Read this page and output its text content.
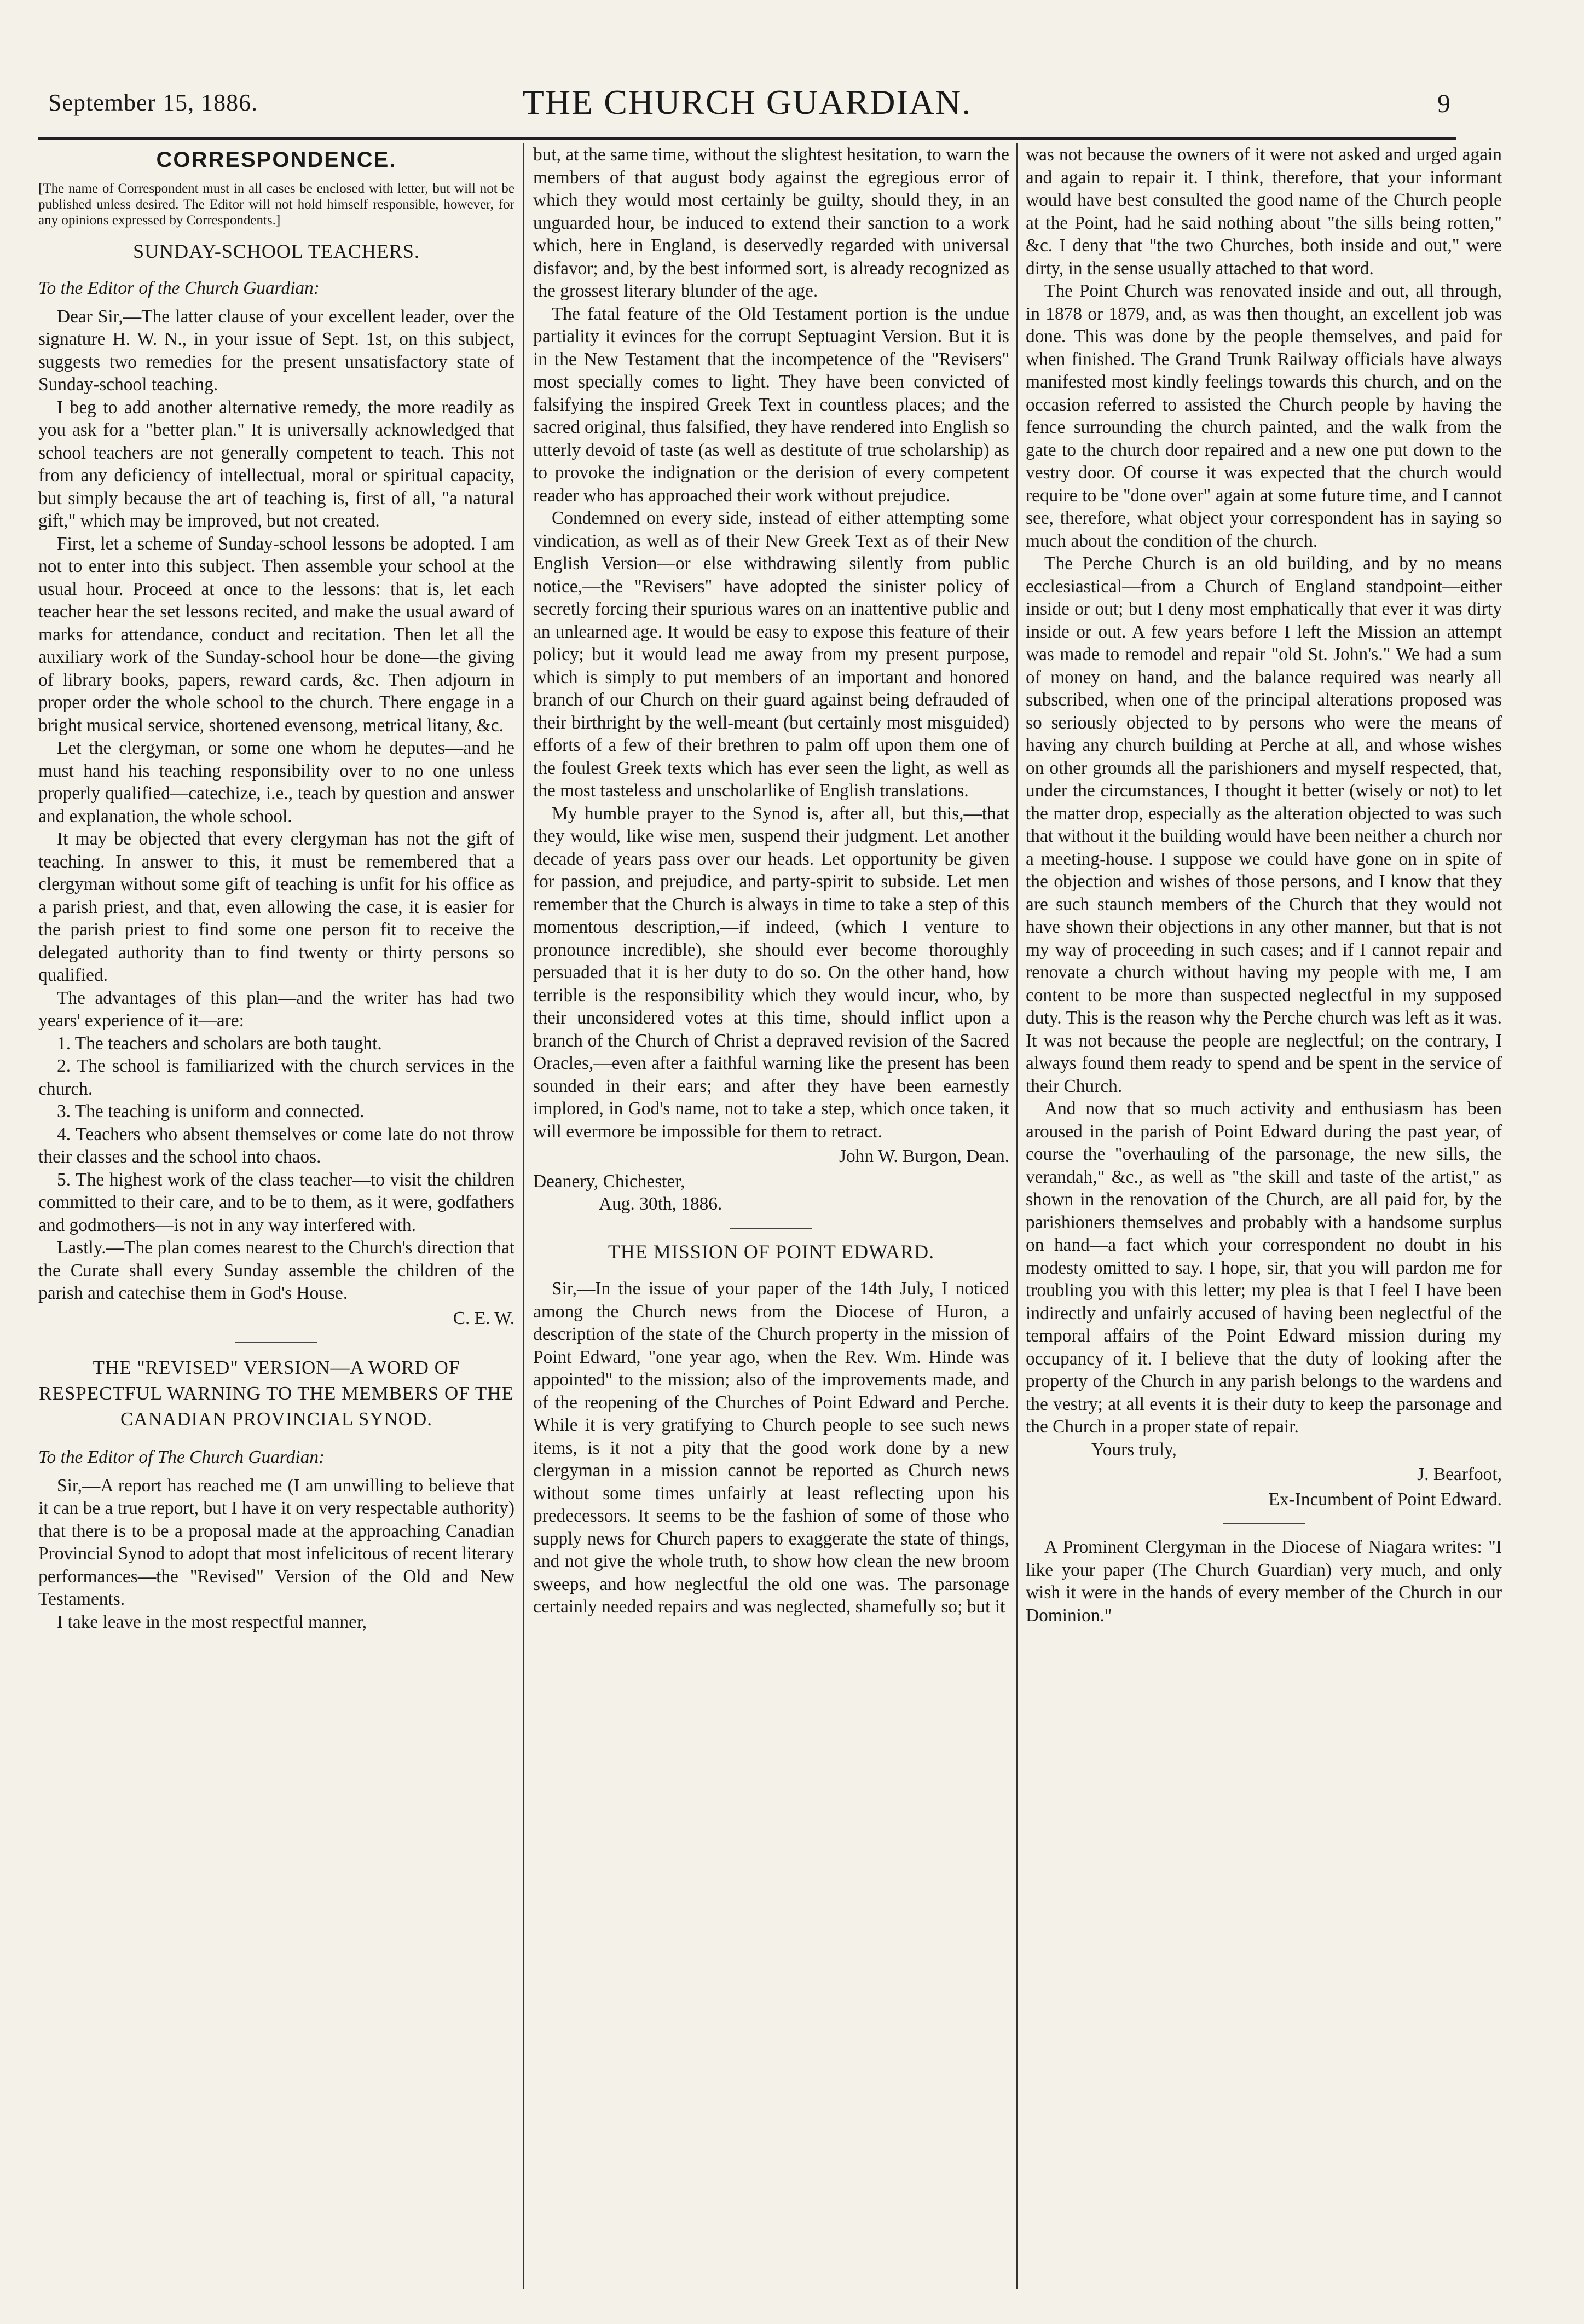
September 15, 1886.	THE CHURCH GUARDIAN.	9
CORRESPONDENCE.

[The name of Correspondent must in all cases be enclosed with letter, but will not be published unless desired. The Editor will not hold himself responsible, however, for any opinions expressed by Correspondents.]

SUNDAY-SCHOOL TEACHERS.

To the Editor of the Church Guardian:

Dear Sir,—The latter clause of your excellent leader, over the signature H. W. N., in your issue of Sept. 1st, on this subject, suggests two remedies for the present unsatisfactory state of Sunday-school teaching.

I beg to add another alternative remedy, the more readily as you ask for a "better plan." It is universally acknowledged that school teachers are not generally competent to teach. This not from any deficiency of intellectual, moral or spiritual capacity, but simply because the art of teaching is, first of all, "a natural gift," which may be improved, but not created.

First, let a scheme of Sunday-school lessons be adopted. I am not to enter into this subject. Then assemble your school at the usual hour. Proceed at once to the lessons: that is, let each teacher hear the set lessons recited, and make the usual award of marks for attendance, conduct and recitation. Then let all the auxiliary work of the Sunday-school hour be done—the giving of library books, papers, reward cards, &c. Then adjourn in proper order the whole school to the church. There engage in a bright musical service, shortened evensong, metrical litany, &c.

Let the clergyman, or some one whom he deputes—and he must hand his teaching responsibility over to no one unless properly qualified—catechize, i.e., teach by question and answer and explanation, the whole school.

It may be objected that every clergyman has not the gift of teaching. In answer to this, it must be remembered that a clergyman without some gift of teaching is unfit for his office as a parish priest, and that, even allowing the case, it is easier for the parish priest to find some one person fit to receive the delegated authority than to find twenty or thirty persons so qualified.

The advantages of this plan—and the writer has had two years' experience of it—are:

1. The teachers and scholars are both taught.

2. The school is familiarized with the church services in the church.

3. The teaching is uniform and connected.

4. Teachers who absent themselves or come late do not throw their classes and the school into chaos.

5. The highest work of the class teacher—to visit the children committed to their care, and to be to them, as it were, godfathers and godmothers—is not in any way interfered with.

Lastly.—The plan comes nearest to the Church's direction that the Curate shall every Sunday assemble the children of the parish and catechise them in God's House.

C. E. W.

THE "REVISED" VERSION—A WORD OF RESPECTFUL WARNING TO THE MEMBERS OF THE CANADIAN PROVINCIAL SYNOD.

To the Editor of The Church Guardian:

Sir,—A report has reached me (I am unwilling to believe that it can be a true report, but I have it on very respectable authority) that there is to be a proposal made at the approaching Canadian Provincial Synod to adopt that most infelicitous of recent literary performances—the "Revised" Version of the Old and New Testaments.

I take leave in the most respectful manner,

but, at the same time, without the slightest hesitation, to warn the members of that august body against the egregious error of which they would most certainly be guilty, should they, in an unguarded hour, be induced to extend their sanction to a work which, here in England, is deservedly regarded with universal disfavor; and, by the best informed sort, is already recognized as the grossest literary blunder of the age.

The fatal feature of the Old Testament portion is the undue partiality it evinces for the corrupt Septuagint Version. But it is in the New Testament that the incompetence of the "Revisers" most specially comes to light. They have been convicted of falsifying the inspired Greek Text in countless places; and the sacred original, thus falsified, they have rendered into English so utterly devoid of taste (as well as destitute of true scholarship) as to provoke the indignation or the derision of every competent reader who has approached their work without prejudice.

Condemned on every side, instead of either attempting some vindication, as well as of their New Greek Text as of their New English Version—or else withdrawing silently from public notice,—the "Revisers" have adopted the sinister policy of secretly forcing their spurious wares on an inattentive public and an unlearned age. It would be easy to expose this feature of their policy; but it would lead me away from my present purpose, which is simply to put members of an important and honored branch of our Church on their guard against being defrauded of their birthright by the well-meant (but certainly most misguided) efforts of a few of their brethren to palm off upon them one of the foulest Greek texts which has ever seen the light, as well as the most tasteless and unscholarlike of English translations.

My humble prayer to the Synod is, after all, but this,—that they would, like wise men, suspend their judgment. Let another decade of years pass over our heads. Let opportunity be given for passion, and prejudice, and party-spirit to subside. Let men remember that the Church is always in time to take a step of this momentous description,—if indeed, (which I venture to pronounce incredible), she should ever become thoroughly persuaded that it is her duty to do so. On the other hand, how terrible is the responsibility which they would incur, who, by their unconsidered votes at this time, should inflict upon a branch of the Church of Christ a depraved revision of the Sacred Oracles,—even after a faithful warning like the present has been sounded in their ears; and after they have been earnestly implored, in God's name, not to take a step, which once taken, it will evermore be impossible for them to retract.

John W. Burgon, Dean.

Deanery, Chichester,

Aug. 30th, 1886.

THE MISSION OF POINT EDWARD.

Sir,—In the issue of your paper of the 14th July, I noticed among the Church news from the Diocese of Huron, a description of the state of the Church property in the mission of Point Edward, "one year ago, when the Rev. Wm. Hinde was appointed" to the mission; also of the improvements made, and of the reopening of the Churches of Point Edward and Perche. While it is very gratifying to Church people to see such news items, is it not a pity that the good work done by a new clergyman in a mission cannot be reported as Church news without some times unfairly at least reflecting upon his predecessors. It seems to be the fashion of some of those who supply news for Church papers to exaggerate the state of things, and not give the whole truth, to show how clean the new broom sweeps, and how neglectful the old one was. The parsonage certainly needed repairs and was neglected, shamefully so; but it

was not because the owners of it were not asked and urged again and again to repair it. I think, therefore, that your informant would have best consulted the good name of the Church people at the Point, had he said nothing about "the sills being rotten," &c. I deny that "the two Churches, both inside and out," were dirty, in the sense usually attached to that word.

The Point Church was renovated inside and out, all through, in 1878 or 1879, and, as was then thought, an excellent job was done. This was done by the people themselves, and paid for when finished. The Grand Trunk Railway officials have always manifested most kindly feelings towards this church, and on the occasion referred to assisted the Church people by having the fence surrounding the church painted, and the walk from the gate to the church door repaired and a new one put down to the vestry door. Of course it was expected that the church would require to be "done over" again at some future time, and I cannot see, therefore, what object your correspondent has in saying so much about the condition of the church.

The Perche Church is an old building, and by no means ecclesiastical—from a Church of England standpoint—either inside or out; but I deny most emphatically that ever it was dirty inside or out. A few years before I left the Mission an attempt was made to remodel and repair "old St. John's." We had a sum of money on hand, and the balance required was nearly all subscribed, when one of the principal alterations proposed was so seriously objected to by persons who were the means of having any church building at Perche at all, and whose wishes on other grounds all the parishioners and myself respected, that, under the circumstances, I thought it better (wisely or not) to let the matter drop, especially as the alteration objected to was such that without it the building would have been neither a church nor a meeting-house. I suppose we could have gone on in spite of the objection and wishes of those persons, and I know that they are such staunch members of the Church that they would not have shown their objections in any other manner, but that is not my way of proceeding in such cases; and if I cannot repair and renovate a church without having my people with me, I am content to be more than suspected neglectful in my supposed duty. This is the reason why the Perche church was left as it was. It was not because the people are neglectful; on the contrary, I always found them ready to spend and be spent in the service of their Church.

And now that so much activity and enthusiasm has been aroused in the parish of Point Edward during the past year, of course the "overhauling of the parsonage, the new sills, the verandah," &c., as well as "the skill and taste of the artist," as shown in the renovation of the Church, are all paid for, by the parishioners themselves and probably with a handsome surplus on hand—a fact which your correspondent no doubt in his modesty omitted to say. I hope, sir, that you will pardon me for troubling you with this letter; my plea is that I feel I have been indirectly and unfairly accused of having been neglectful of the temporal affairs of the Point Edward mission during my occupancy of it. I believe that the duty of looking after the property of the Church in any parish belongs to the wardens and the vestry; at all events it is their duty to keep the parsonage and the Church in a proper state of repair.

Yours truly,

J. Bearfoot,

Ex-Incumbent of Point Edward.

A Prominent Clergyman in the Diocese of Niagara writes: "I like your paper (The Church Guardian) very much, and only wish it were in the hands of every member of the Church in our Dominion."
